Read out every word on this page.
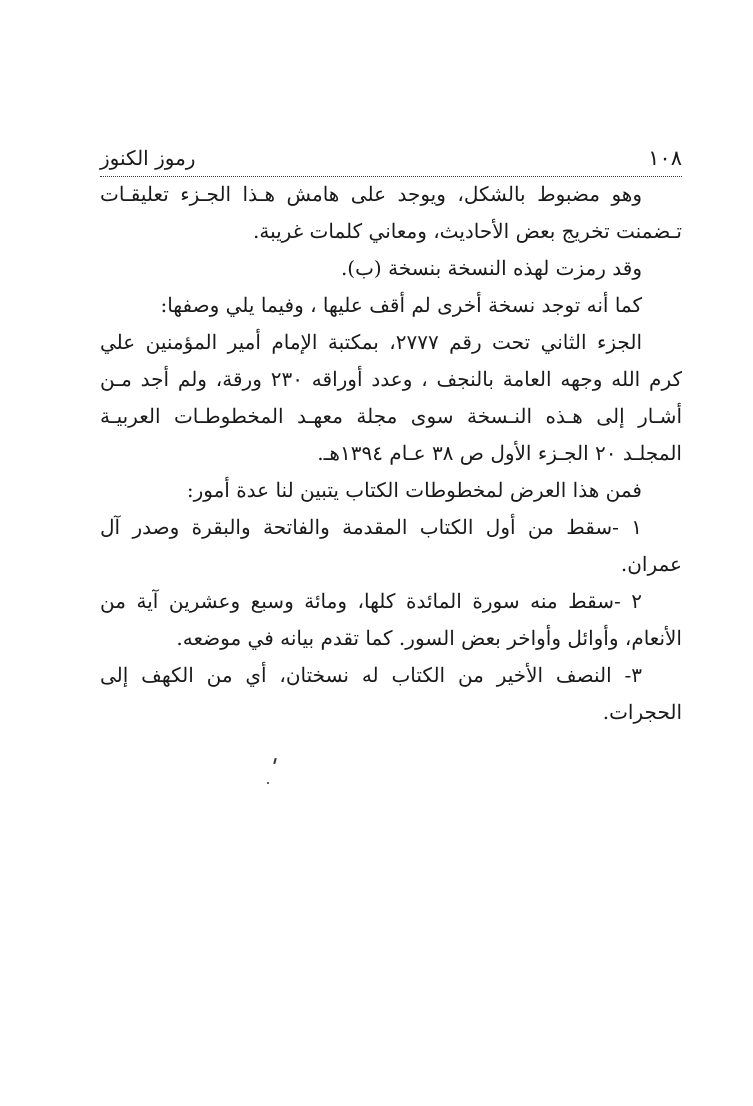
رموز الكنوز	١٠٨

وهو مضبوط بالشكل، ويوجد على هامش هـذا الجـزء تعليقـات تـضمنت تخريج بعض الأحاديث، ومعاني كلمات غريبة.

وقد رمزت لهذه النسخة بنسخة (ب).

كما أنه توجد نسخة أخرى لم أقف عليها ، وفيما يلي وصفها:

الجزء الثاني تحت رقم ٢٧٧٧، بمكتبة الإمام أمير المؤمنين علي كرم الله وجهه العامة بالنجف ، وعدد أوراقه ٢٣٠ ورقة، ولم أجد مـن أشـار إلى هـذه النـسخة سوى مجلة معهـد المخطوطـات العربيـة المجلـد ٢٠ الجـزء الأول ص ٣٨ عـام ١٣٩٤هـ.

فمن هذا العرض لمخطوطات الكتاب يتبين لنا عدة أمور:

١ -سقط من أول الكتاب المقدمة والفاتحة والبقرة وصدر آل عمران.

٢ -سقط منه سورة المائدة كلها، ومائة وسبع وعشرين آية من الأنعام، وأوائل وأواخر بعض السور. كما تقدم بيانه في موضعه.

٣- النصف الأخير من الكتاب له نسختان، أي من الكهف إلى الحجرات.
